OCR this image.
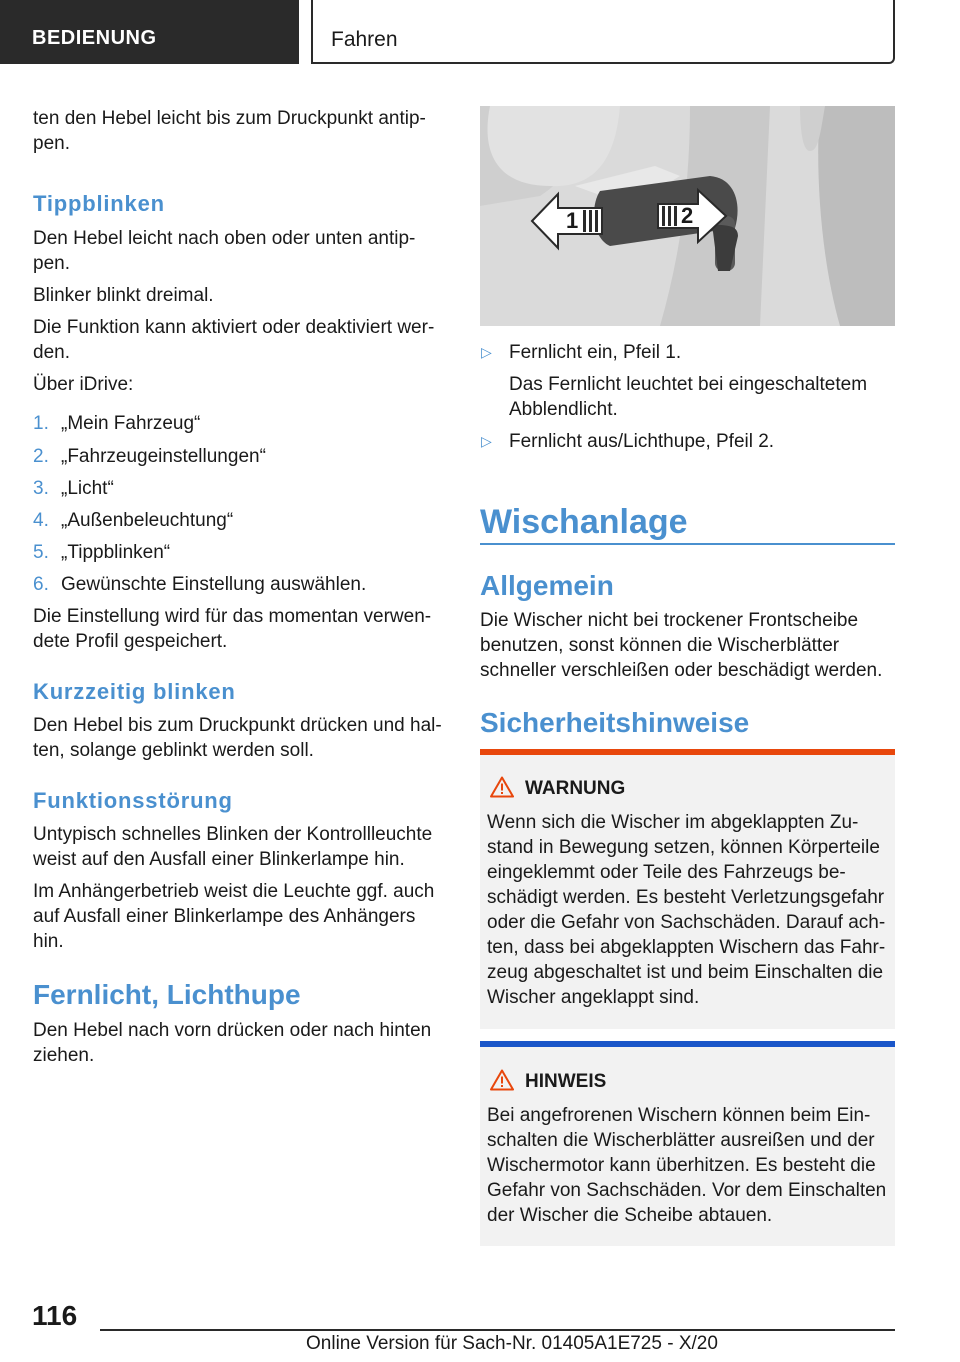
BEDIENUNG	Fahren
ten den Hebel leicht bis zum Druckpunkt antip-
pen.
Tippblinken
Den Hebel leicht nach oben oder unten antip-
pen.
Blinker blinkt dreimal.
Die Funktion kann aktiviert oder deaktiviert wer-
den.
Über iDrive:
1. „Mein Fahrzeug“
2. „Fahrzeugeinstellungen“
3. „Licht“
4. „Außenbeleuchtung“
5. „Tippblinken“
6. Gewünschte Einstellung auswählen.
Die Einstellung wird für das momentan verwen-
dete Profil gespeichert.
Kurzzeitig blinken
Den Hebel bis zum Druckpunkt drücken und hal-
ten, solange geblinkt werden soll.
Funktionsstörung
Untypisch schnelles Blinken der Kontrollleuchte
weist auf den Ausfall einer Blinkerlampe hin.
Im Anhängerbetrieb weist die Leuchte ggf. auch
auf Ausfall einer Blinkerlampe des Anhängers
hin.
Fernlicht, Lichthupe
Den Hebel nach vorn drücken oder nach hinten
ziehen.
1	2
▷ Fernlicht ein, Pfeil 1.
Das Fernlicht leuchtet bei eingeschaltetem
Abblendlicht.
▷ Fernlicht aus/Lichthupe, Pfeil 2.
Wischanlage
Allgemein
Die Wischer nicht bei trockener Frontscheibe
benutzen, sonst können die Wischerblätter
schneller verschleißen oder beschädigt werden.
Sicherheitshinweise
WARNUNG
Wenn sich die Wischer im abgeklappten Zu-
stand in Bewegung setzen, können Körperteile
eingeklemmt oder Teile des Fahrzeugs be-
schädigt werden. Es besteht Verletzungsgefahr
oder die Gefahr von Sachschäden. Darauf ach-
ten, dass bei abgeklappten Wischern das Fahr-
zeug abgeschaltet ist und beim Einschalten die
Wischer angeklappt sind.
HINWEIS
Bei angefrorenen Wischern können beim Ein-
schalten die Wischerblätter ausreißen und der
Wischermotor kann überhitzen. Es besteht die
Gefahr von Sachschäden. Vor dem Einschalten
der Wischer die Scheibe abtauen.
116
Online Version für Sach-Nr. 01405A1E725 - X/20
